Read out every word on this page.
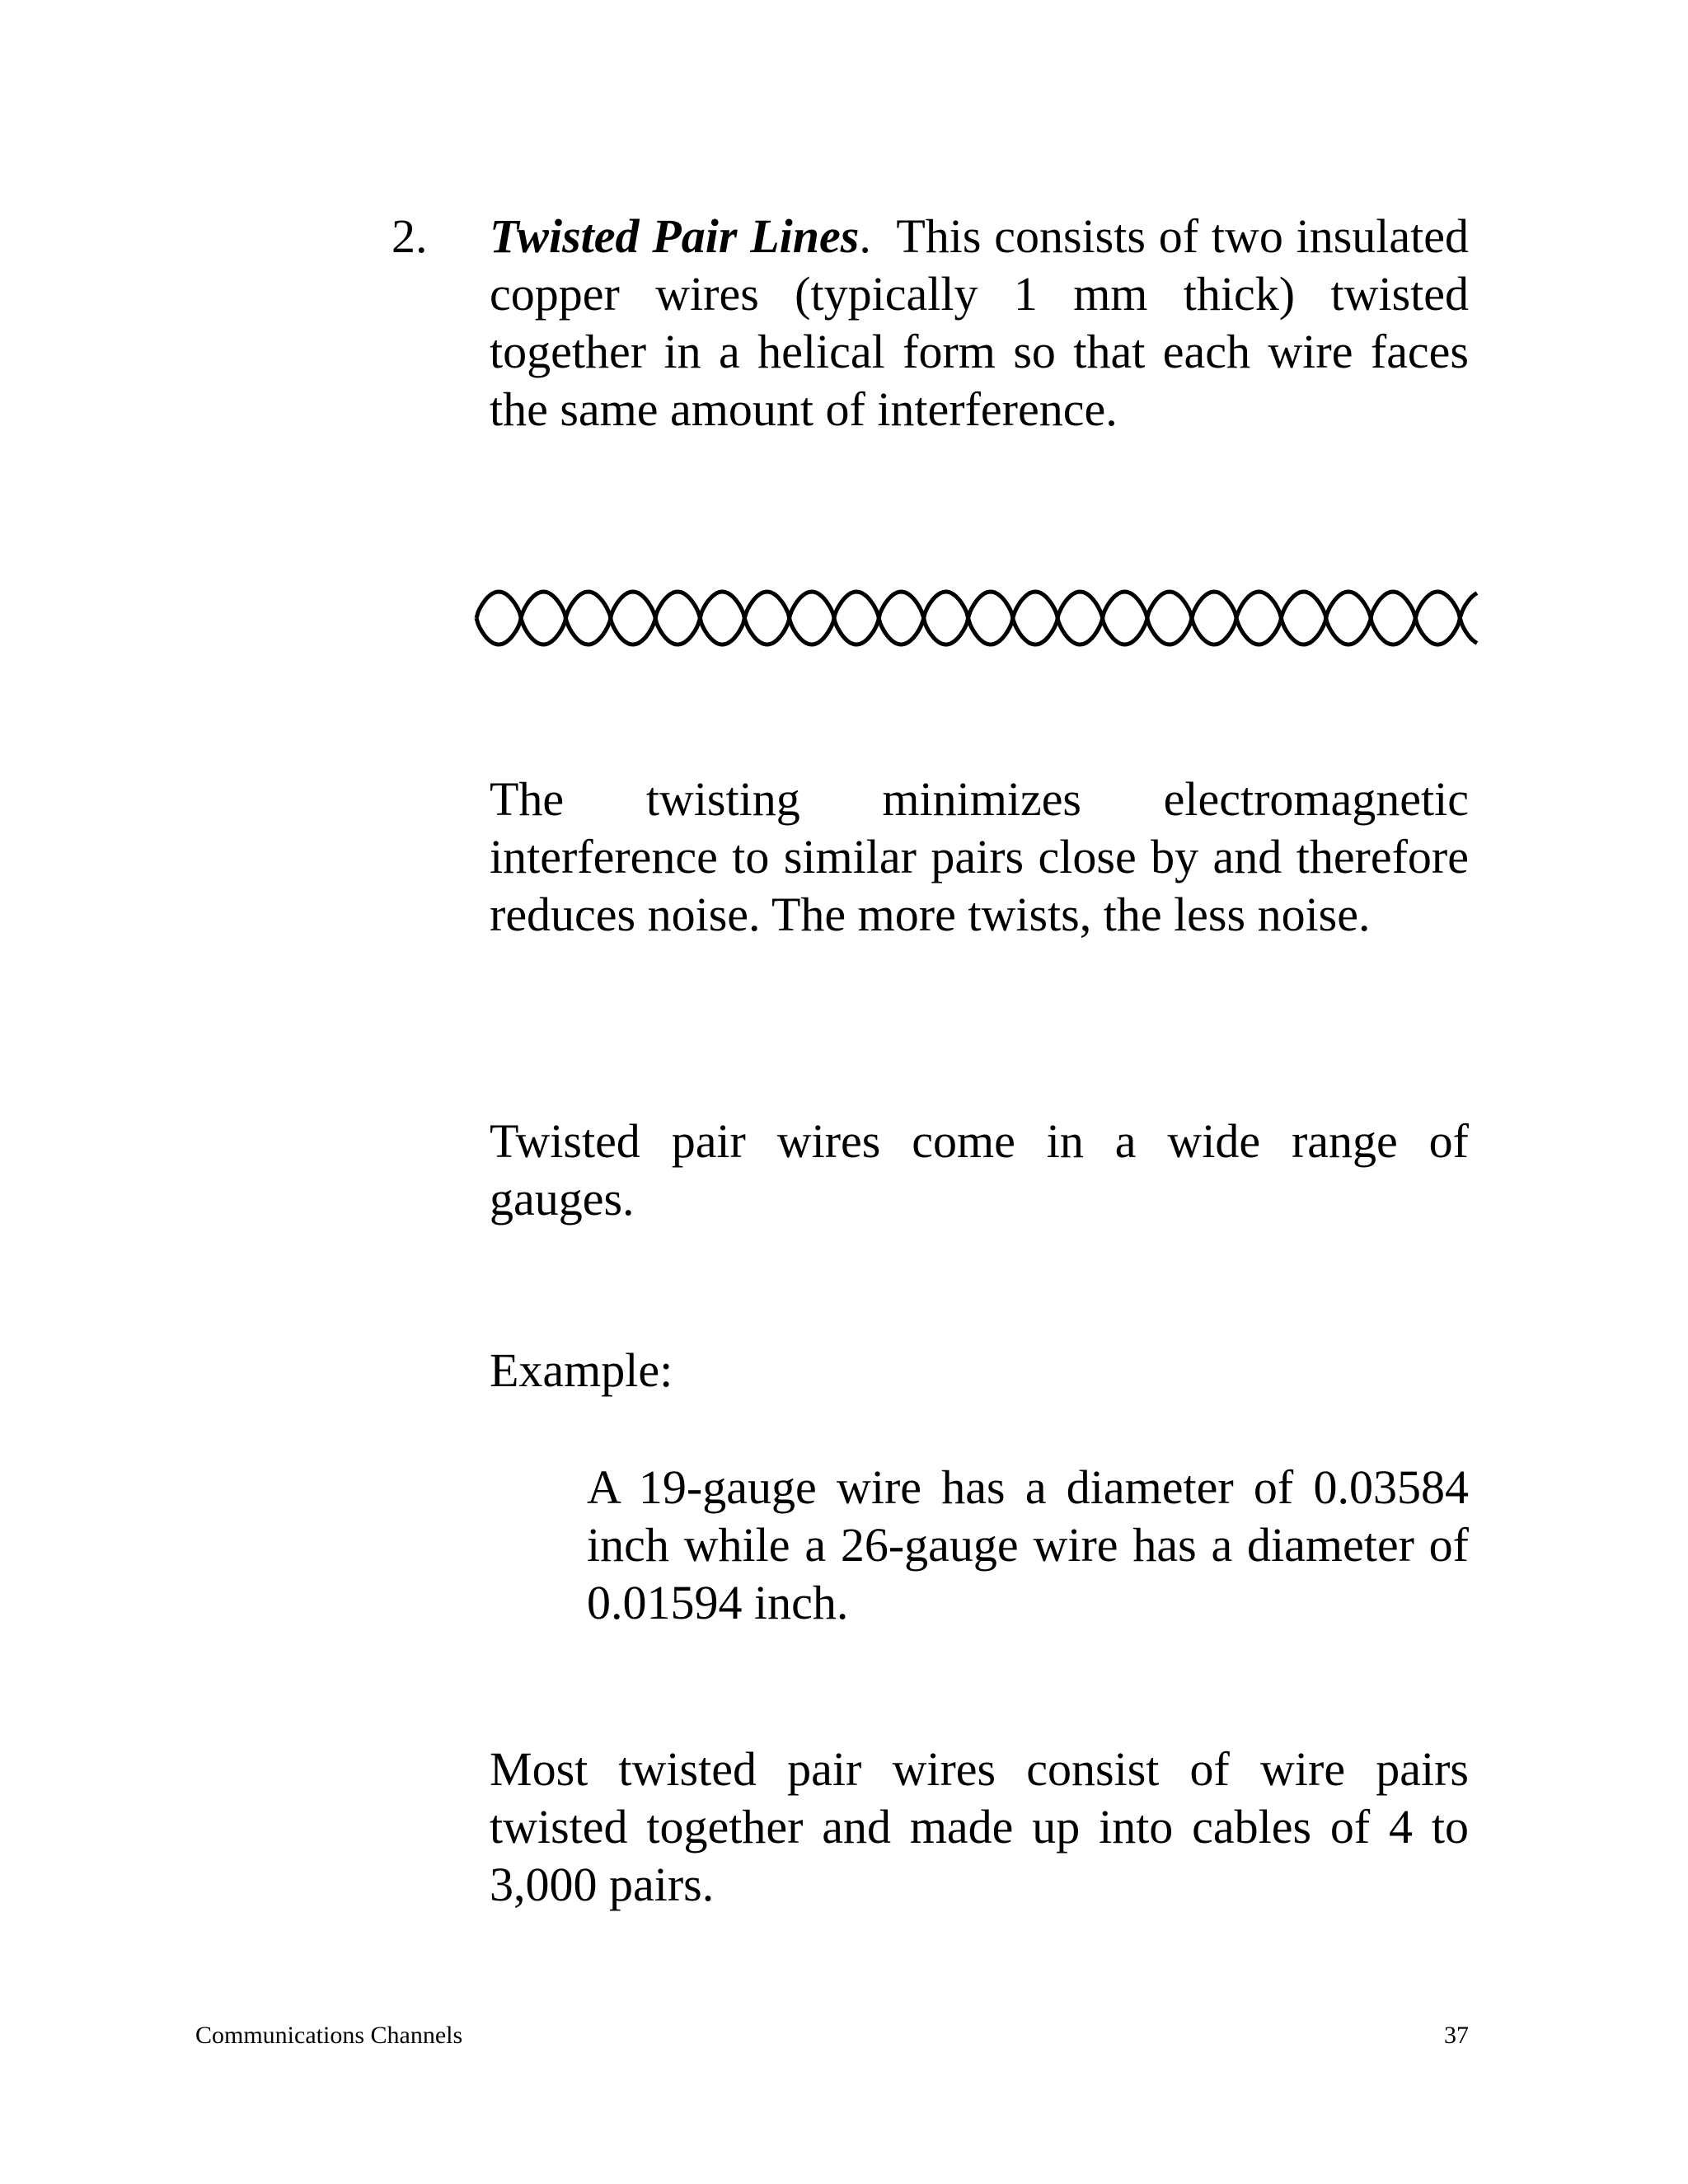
2. Twisted Pair Lines. This consists of two insulated copper wires (typically 1 mm thick) twisted together in a helical form so that each wire faces the same amount of interference.

The twisting minimizes electromagnetic interference to similar pairs close by and therefore reduces noise. The more twists, the less noise.

Twisted pair wires come in a wide range of gauges.

Example:

A 19-gauge wire has a diameter of 0.03584 inch while a 26-gauge wire has a diameter of 0.01594 inch.

Most twisted pair wires consist of wire pairs twisted together and made up into cables of 4 to 3,000 pairs.

Communications Channels	37
